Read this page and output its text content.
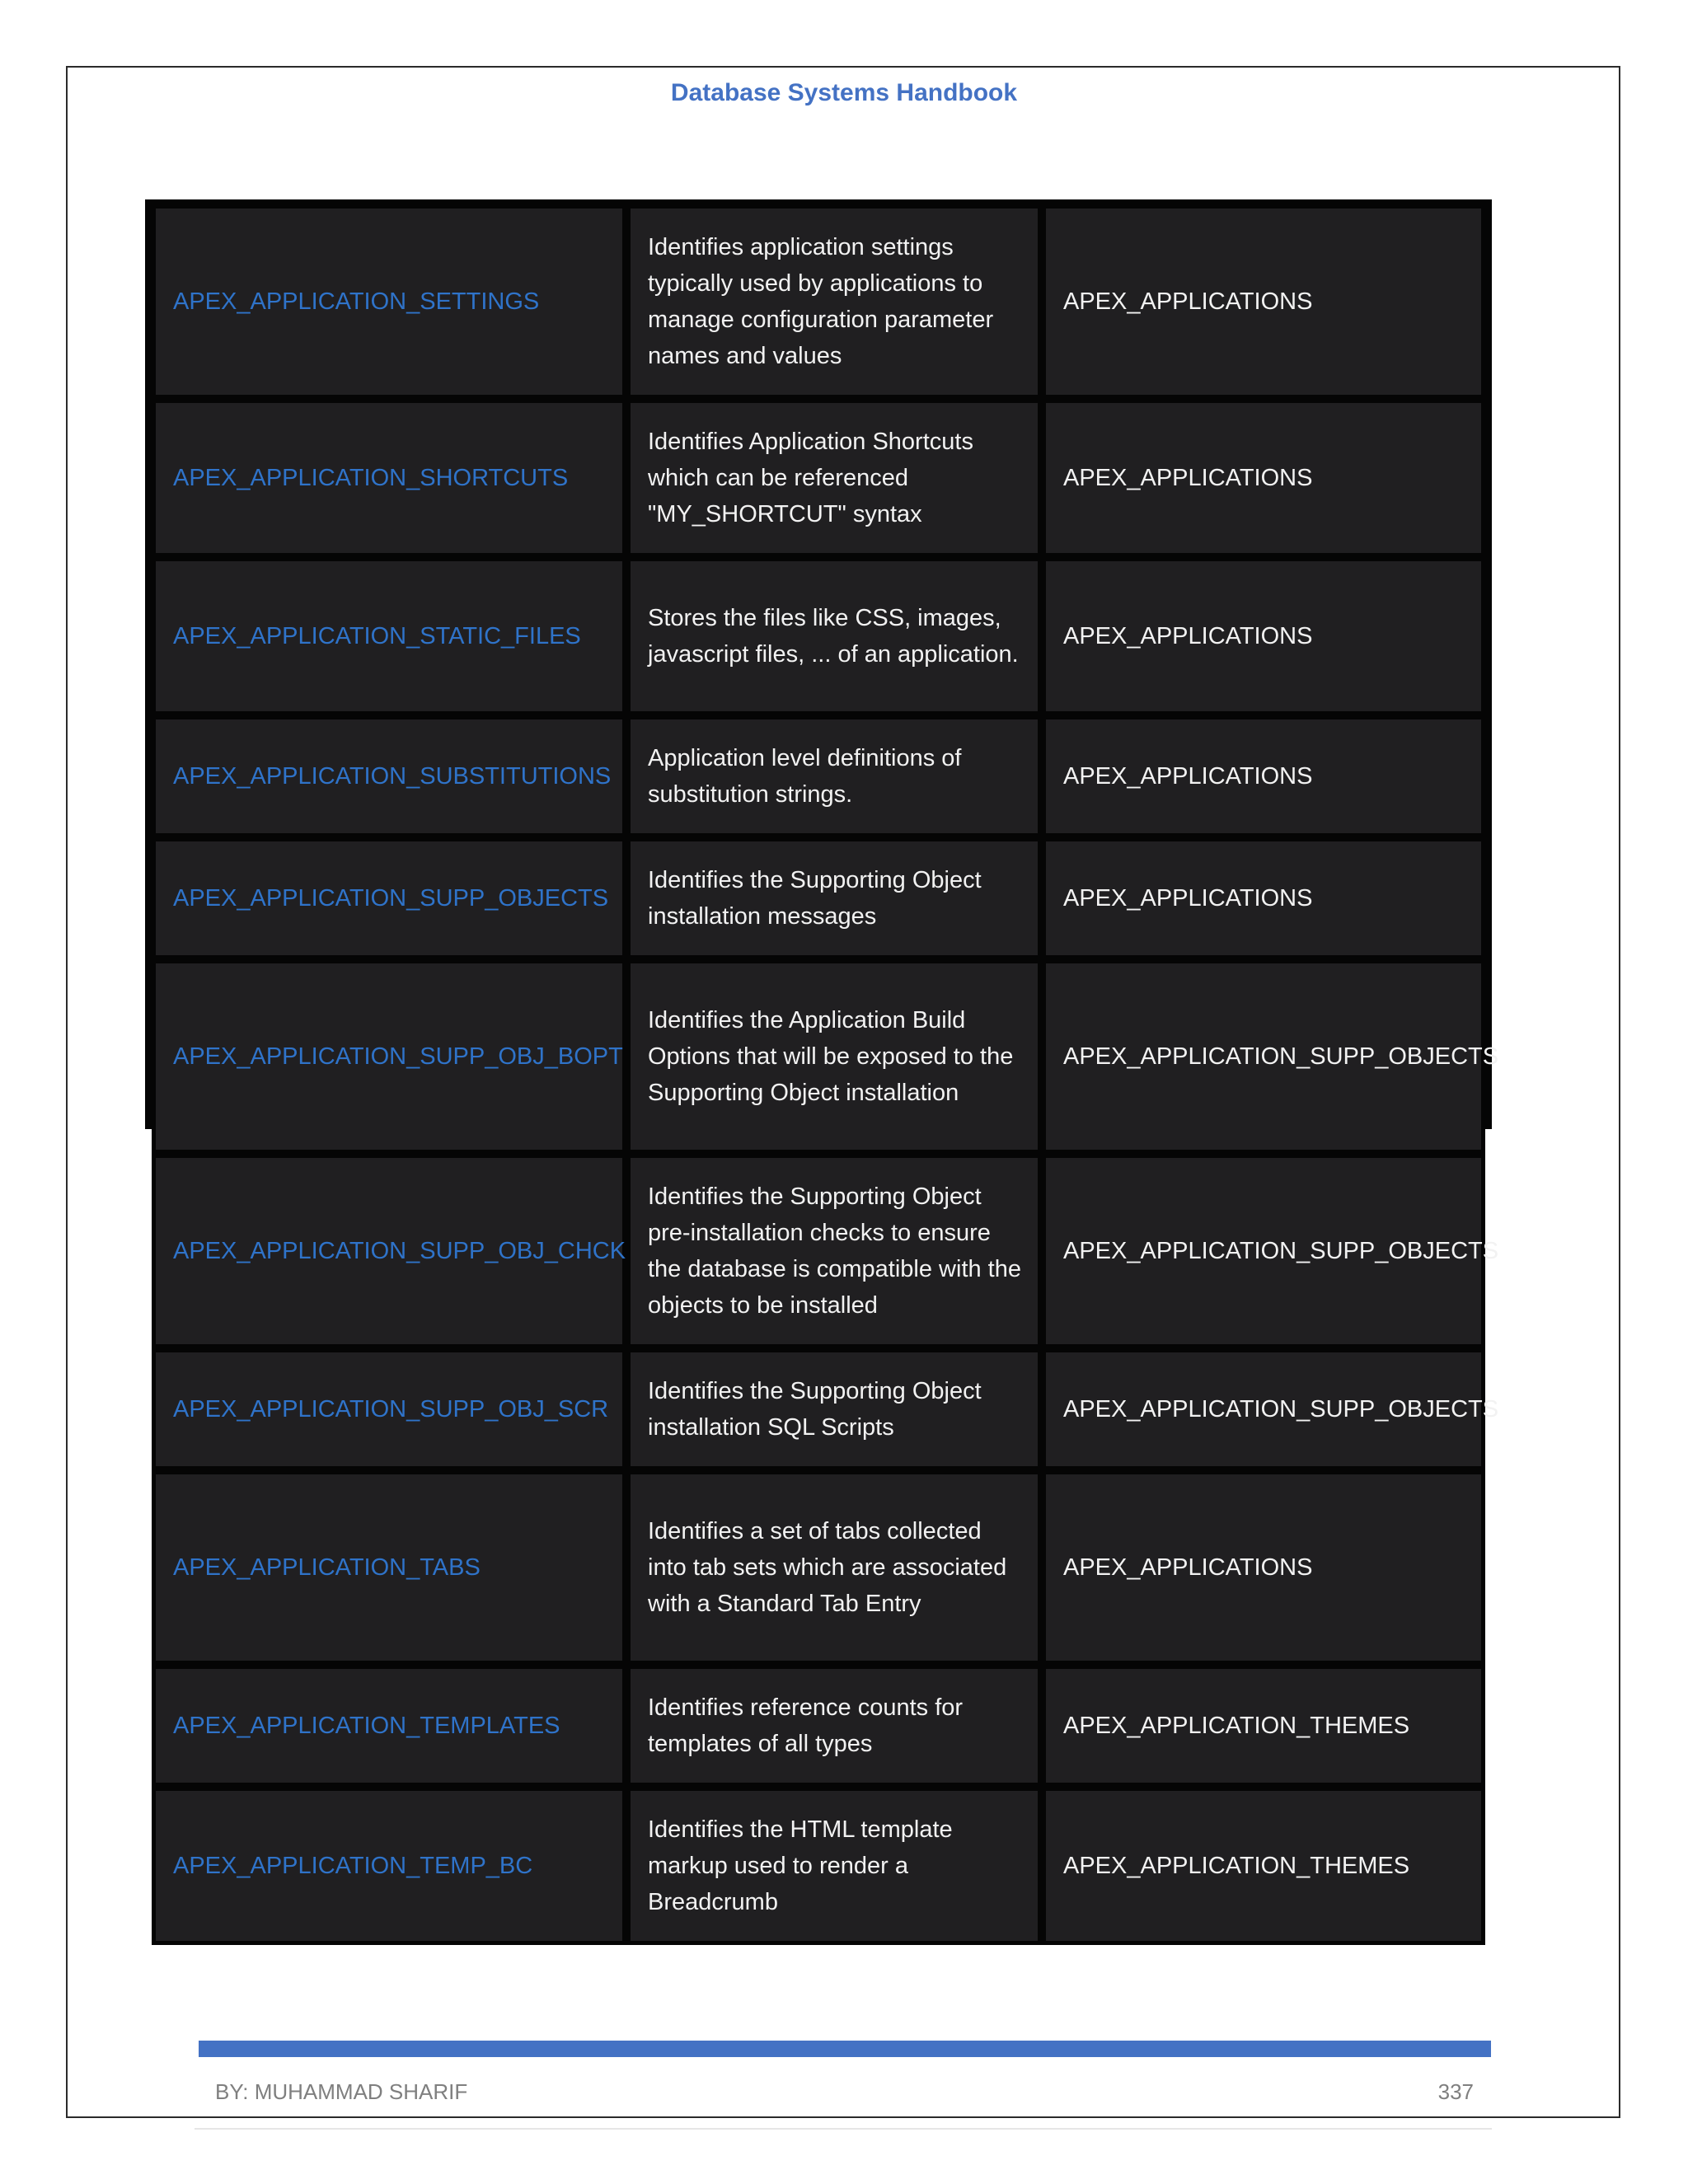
Database Systems Handbook
APEX_APPLICATION_SETTINGS	Identifies application settings typically used by applications to manage configuration parameter names and values	APEX_APPLICATIONS
APEX_APPLICATION_SHORTCUTS	Identifies Application Shortcuts which can be referenced "MY_SHORTCUT" syntax	APEX_APPLICATIONS
APEX_APPLICATION_STATIC_FILES	Stores the files like CSS, images, javascript files, ... of an application.	APEX_APPLICATIONS
APEX_APPLICATION_SUBSTITUTIONS	Application level definitions of substitution strings.	APEX_APPLICATIONS
APEX_APPLICATION_SUPP_OBJECTS	Identifies the Supporting Object installation messages	APEX_APPLICATIONS
APEX_APPLICATION_SUPP_OBJ_BOPT	Identifies the Application Build Options that will be exposed to the Supporting Object installation	APEX_APPLICATION_SUPP_OBJECTS
APEX_APPLICATION_SUPP_OBJ_CHCK	Identifies the Supporting Object pre-installation checks to ensure the database is compatible with the objects to be installed	APEX_APPLICATION_SUPP_OBJECTS
APEX_APPLICATION_SUPP_OBJ_SCR	Identifies the Supporting Object installation SQL Scripts	APEX_APPLICATION_SUPP_OBJECTS
APEX_APPLICATION_TABS	Identifies a set of tabs collected into tab sets which are associated with a Standard Tab Entry	APEX_APPLICATIONS
APEX_APPLICATION_TEMPLATES	Identifies reference counts for templates of all types	APEX_APPLICATION_THEMES
APEX_APPLICATION_TEMP_BC	Identifies the HTML template markup used to render a Breadcrumb	APEX_APPLICATION_THEMES
BY: MUHAMMAD SHARIF	337
